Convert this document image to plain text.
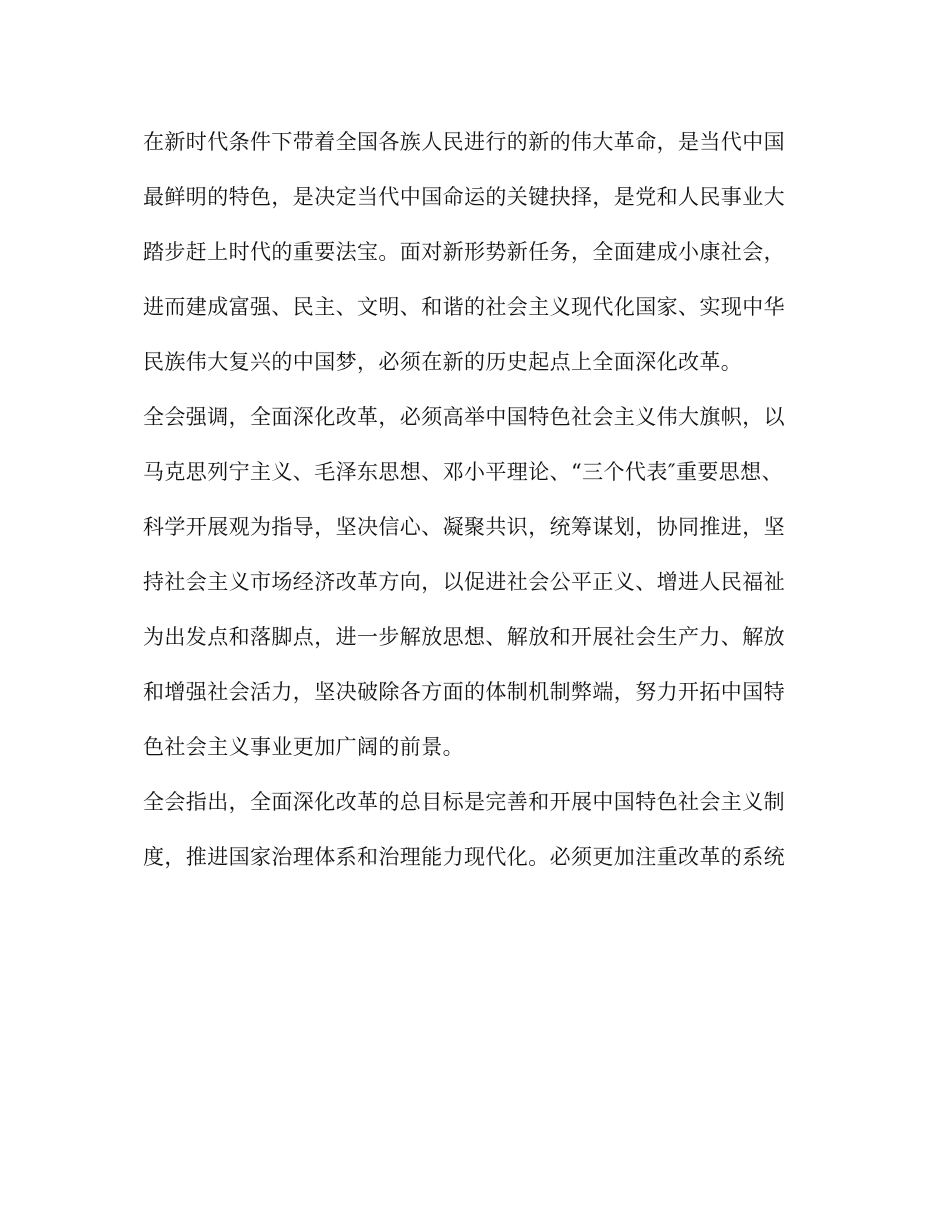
在新时代条件下带着全国各族人民进行的新的伟大革命，是当代中国
最鲜明的特色，是决定当代中国命运的关键抉择，是党和人民事业大
踏步赶上时代的重要法宝。面对新形势新任务，全面建成小康社会，
进而建成富强、民主、文明、和谐的社会主义现代化国家、实现中华
民族伟大复兴的中国梦，必须在新的历史起点上全面深化改革。
全会强调，全面深化改革，必须高举中国特色社会主义伟大旗帜，以
马克思列宁主义、毛泽东思想、邓小平理论、“三个代表″重要思想、
科学开展观为指导，坚决信心、凝聚共识，统筹谋划，协同推进，坚
持社会主义市场经济改革方向，以促进社会公平正义、增进人民福祉
为出发点和落脚点，进一步解放思想、解放和开展社会生产力、解放
和增强社会活力，坚决破除各方面的体制机制弊端，努力开拓中国特
色社会主义事业更加广阔的前景。
全会指出，全面深化改革的总目标是完善和开展中国特色社会主义制
度，推进国家治理体系和治理能力现代化。必须更加注重改革的系统
